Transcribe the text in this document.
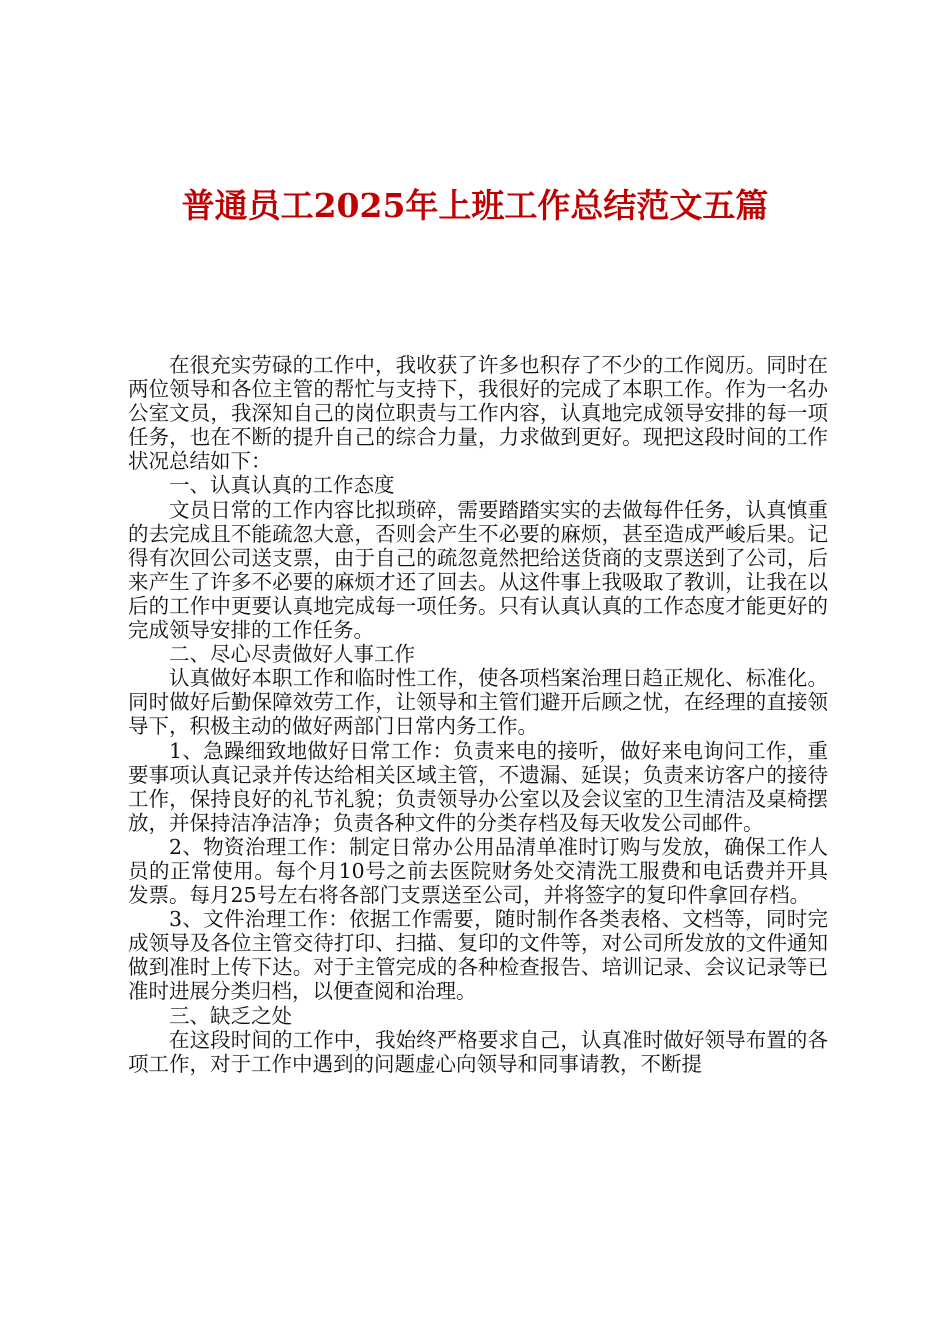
普通员工2025年上班工作总结范文五篇

在很充实劳碌的工作中，我收获了许多也积存了不少的工作阅历。同时在两位领导和各位主管的帮忙与支持下，我很好的完成了本职工作。作为一名办公室文员，我深知自己的岗位职责与工作内容，认真地完成领导安排的每一项任务，也在不断的提升自己的综合力量，力求做到更好。现把这段时间的工作状况总结如下：

一、认真认真的工作态度

文员日常的工作内容比拟琐碎，需要踏踏实实的去做每件任务，认真慎重的去完成且不能疏忽大意，否则会产生不必要的麻烦，甚至造成严峻后果。记得有次回公司送支票，由于自己的疏忽竟然把给送货商的支票送到了公司，后来产生了许多不必要的麻烦才还了回去。从这件事上我吸取了教训，让我在以后的工作中更要认真地完成每一项任务。只有认真认真的工作态度才能更好的完成领导安排的工作任务。

二、尽心尽责做好人事工作

认真做好本职工作和临时性工作，使各项档案治理日趋正规化、标准化。同时做好后勤保障效劳工作，让领导和主管们避开后顾之忧，在经理的直接领导下，积极主动的做好两部门日常内务工作。

1、急躁细致地做好日常工作：负责来电的接听，做好来电询问工作，重要事项认真记录并传达给相关区域主管，不遗漏、延误；负责来访客户的接待工作，保持良好的礼节礼貌；负责领导办公室以及会议室的卫生清洁及桌椅摆放，并保持洁净洁净；负责各种文件的分类存档及每天收发公司邮件。

2、物资治理工作：制定日常办公用品清单准时订购与发放，确保工作人员的正常使用。每个月10号之前去医院财务处交清洗工服费和电话费并开具发票。每月25号左右将各部门支票送至公司，并将签字的复印件拿回存档。

3、文件治理工作：依据工作需要，随时制作各类表格、文档等，同时完成领导及各位主管交待打印、扫描、复印的文件等，对公司所发放的文件通知做到准时上传下达。对于主管完成的各种检查报告、培训记录、会议记录等已准时进展分类归档，以便查阅和治理。

三、缺乏之处

在这段时间的工作中，我始终严格要求自己，认真准时做好领导布置的各项工作，对于工作中遇到的问题虚心向领导和同事请教，不断提
